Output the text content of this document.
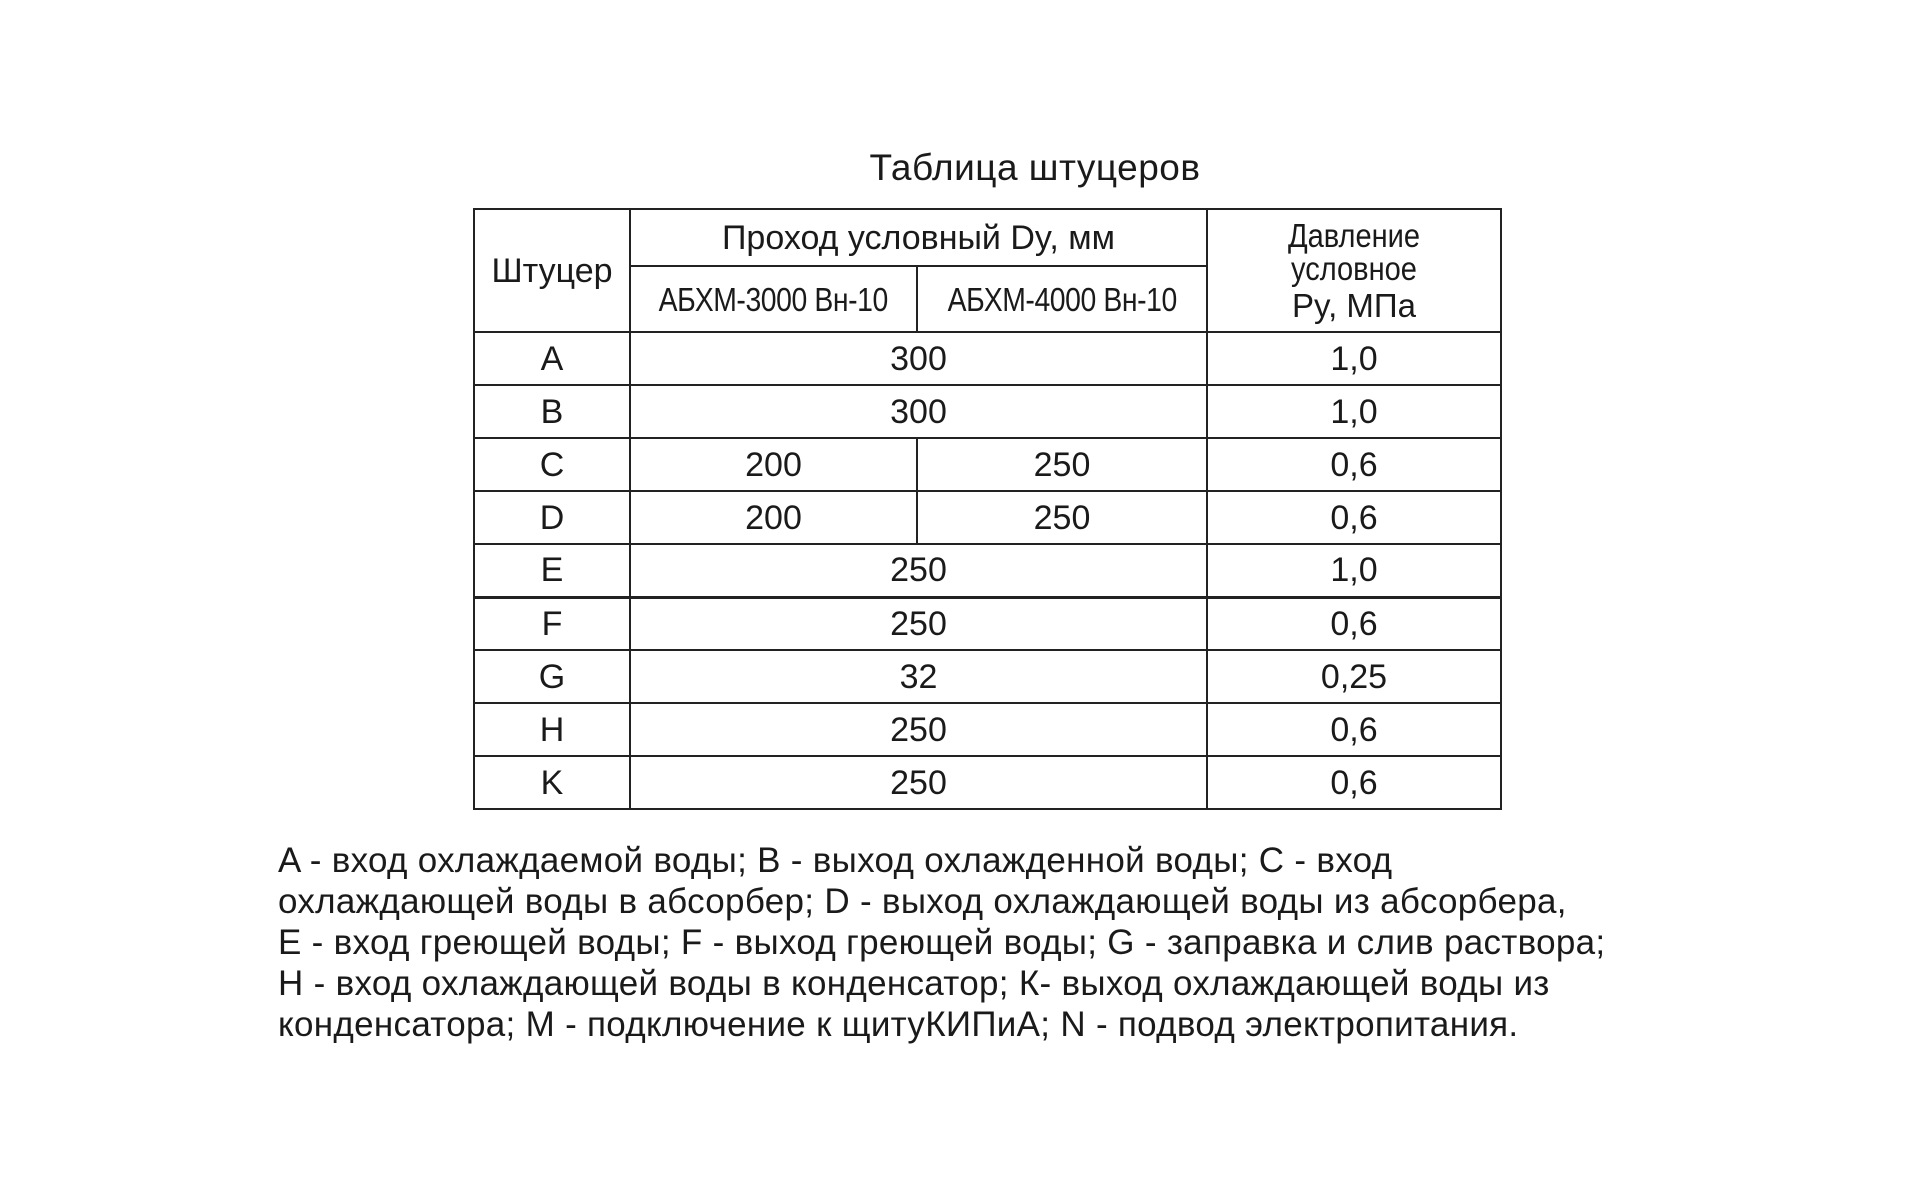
Таблица штуцеров
Штуцер	Проход условный Dy, мм		Давление условное
Py, МПа

	АБХМ-3000 Вн-10	АБХМ-4000 Вн-10	
A	300		1,0
B	300		1,0
C	200	250	0,6
D	200	250	0,6
E	250		1,0
F	250		0,6
G	32		0,25
H	250		0,6
K	250		0,6
A - вход охлаждаемой воды; B - выход охлажденной воды; C - вход
охлаждающей воды в абсорбер; D - выход охлаждающей воды из абсорбера,
E - вход греющей воды; F - выход греющей воды; G - заправка и слив раствора;
H - вход охлаждающей воды в конденсатор; К- выход охлаждающей воды из
конденсатора; M - подключение к щитуКИПиА; N - подвод электропитания.
